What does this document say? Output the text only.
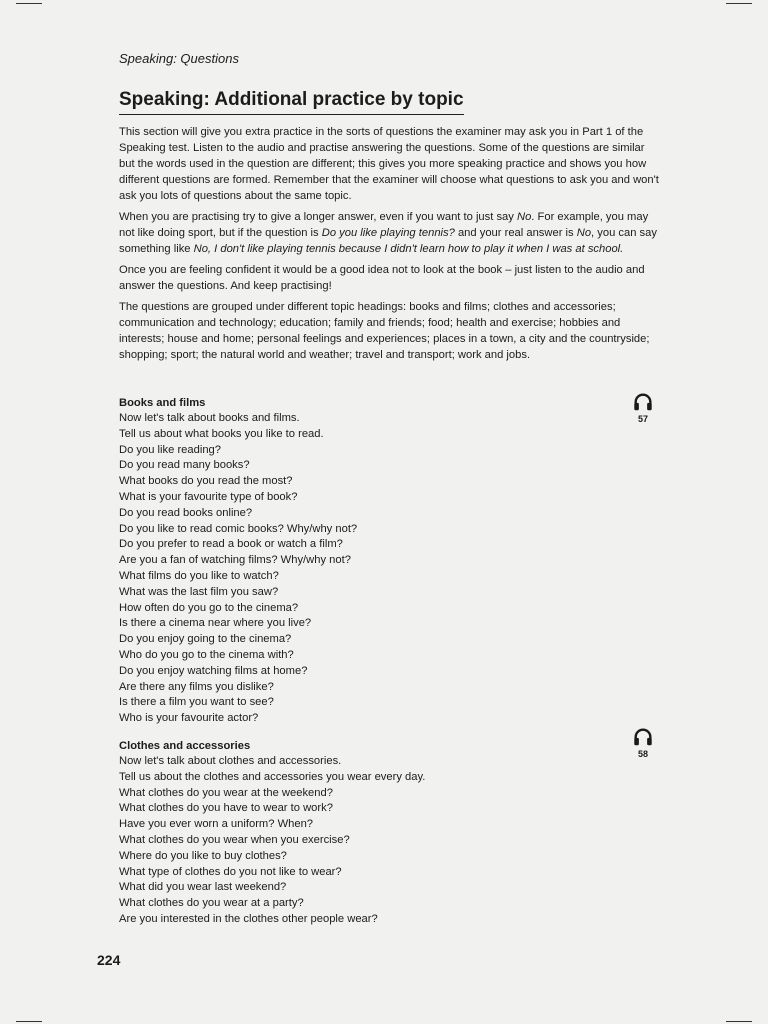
Speaking: Questions
Speaking: Additional practice by topic

This section will give you extra practice in the sorts of questions the examiner may ask you in Part 1 of the Speaking test. Listen to the audio and practise answering the questions. Some of the questions are similar but the words used in the question are different; this gives you more speaking practice and shows you how different questions are formed. Remember that the examiner will choose what questions to ask you and won't ask you lots of questions about the same topic.

When you are practising try to give a longer answer, even if you want to just say No. For example, you may not like doing sport, but if the question is Do you like playing tennis? and your real answer is No, you can say something like No, I don't like playing tennis because I didn't learn how to play it when I was at school.

Once you are feeling confident it would be a good idea not to look at the book – just listen to the audio and answer the questions. And keep practising!

The questions are grouped under different topic headings: books and films; clothes and accessories; communication and technology; education; family and friends; food; health and exercise; hobbies and interests; house and home; personal feelings and experiences; places in a town, a city and the countryside; shopping; sport; the natural world and weather; travel and transport; work and jobs.

Books and films
Now let's talk about books and films.
Tell us about what books you like to read.
Do you like reading?
Do you read many books?
What books do you read the most?
What is your favourite type of book?
Do you read books online?
Do you like to read comic books? Why/why not?
Do you prefer to read a book or watch a film?
Are you a fan of watching films? Why/why not?
What films do you like to watch?
What was the last film you saw?
How often do you go to the cinema?
Is there a cinema near where you live?
Do you enjoy going to the cinema?
Who do you go to the cinema with?
Do you enjoy watching films at home?
Are there any films you dislike?
Is there a film you want to see?
Who is your favourite actor?
57
Clothes and accessories
Now let's talk about clothes and accessories.
Tell us about the clothes and accessories you wear every day.
What clothes do you wear at the weekend?
What clothes do you have to wear to work?
Have you ever worn a uniform? When?
What clothes do you wear when you exercise?
Where do you like to buy clothes?
What type of clothes do you not like to wear?
What did you wear last weekend?
What clothes do you wear at a party?
Are you interested in the clothes other people wear?
58
224
